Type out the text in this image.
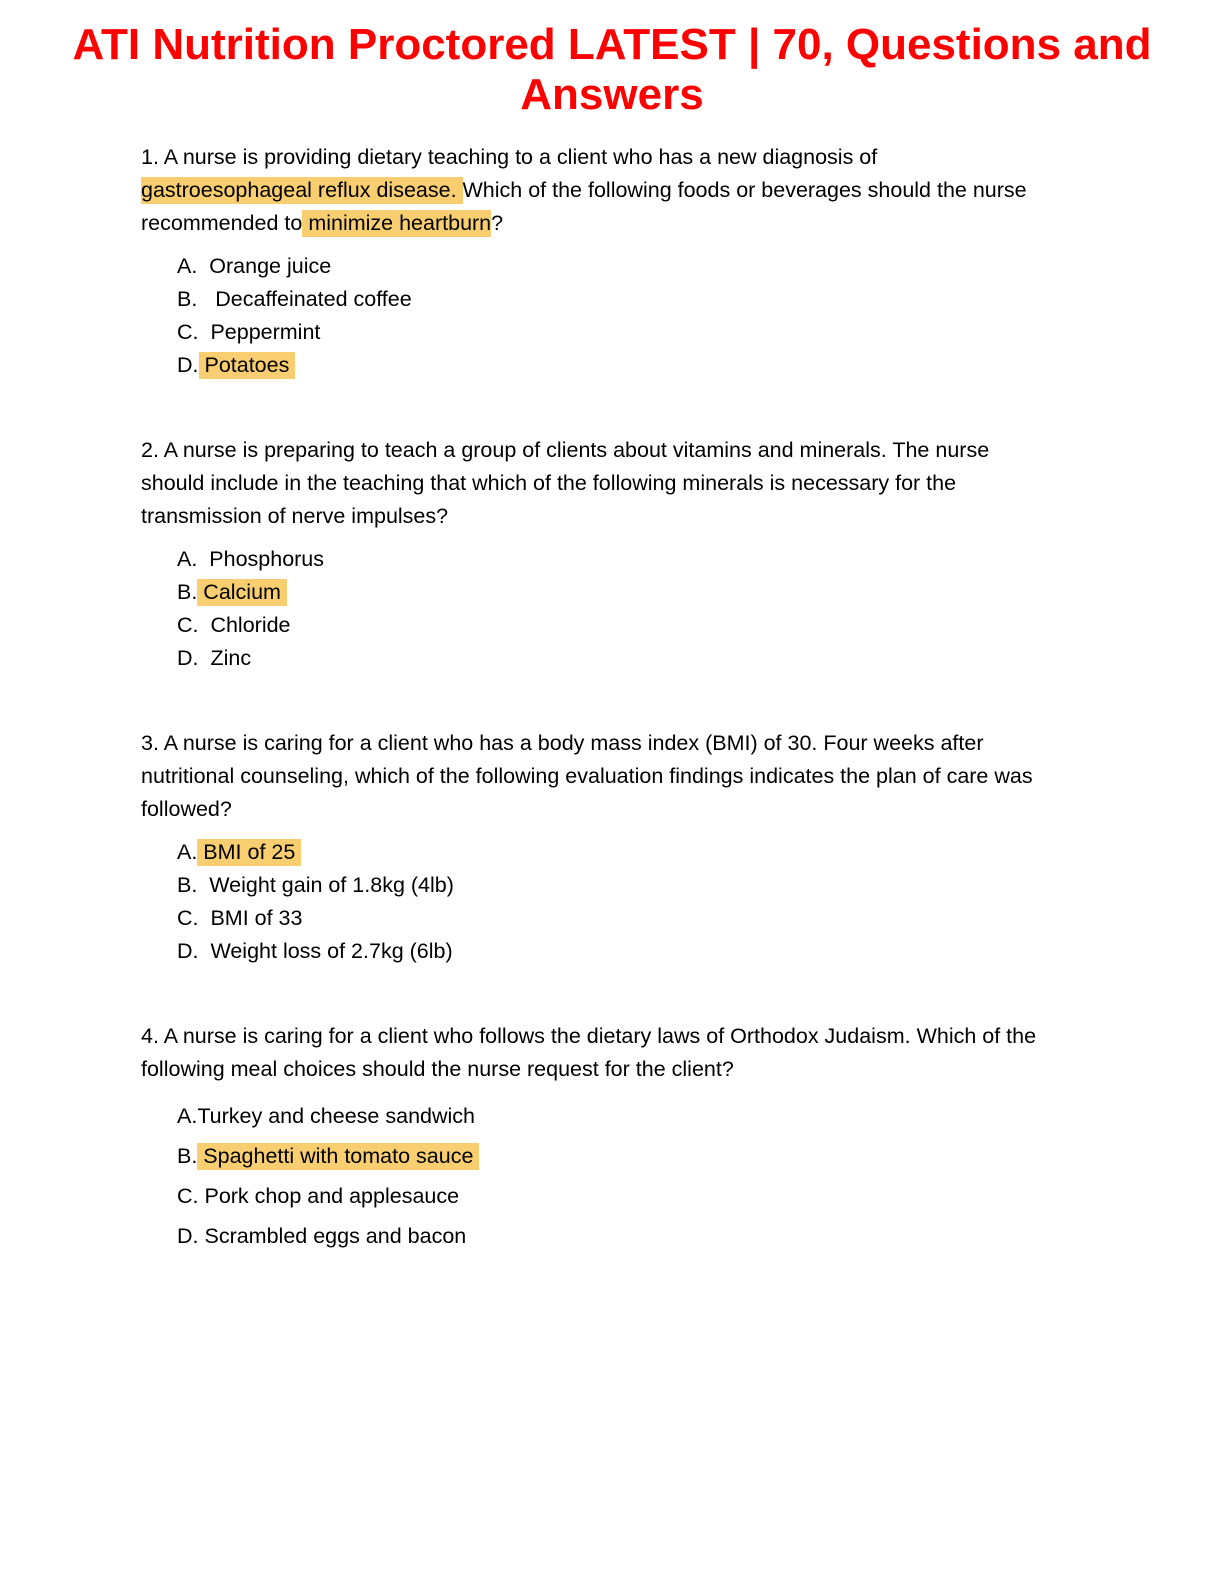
ATI Nutrition Proctored LATEST | 70, Questions and Answers

1. A nurse is providing dietary teaching to a client who has a new diagnosis of gastroesophageal reflux disease. Which of the following foods or beverages should the nurse recommended to minimize heartburn?

A.  Orange juice
B.   Decaffeinated coffee
C.  Peppermint
D. Potatoes

2. A nurse is preparing to teach a group of clients about vitamins and minerals. The nurse should include in the teaching that which of the following minerals is necessary for the transmission of nerve impulses?

A.  Phosphorus
B. Calcium
C.  Chloride
D.  Zinc

3. A nurse is caring for a client who has a body mass index (BMI) of 30. Four weeks after nutritional counseling, which of the following evaluation findings indicates the plan of care was followed?

A. BMI of 25
B.  Weight gain of 1.8kg (4lb)
C.  BMI of 33
D.  Weight loss of 2.7kg (6lb)

4. A nurse is caring for a client who follows the dietary laws of Orthodox Judaism. Which of the following meal choices should the nurse request for the client?

A.Turkey and cheese sandwich
B. Spaghetti with tomato sauce
C. Pork chop and applesauce
D. Scrambled eggs and bacon
